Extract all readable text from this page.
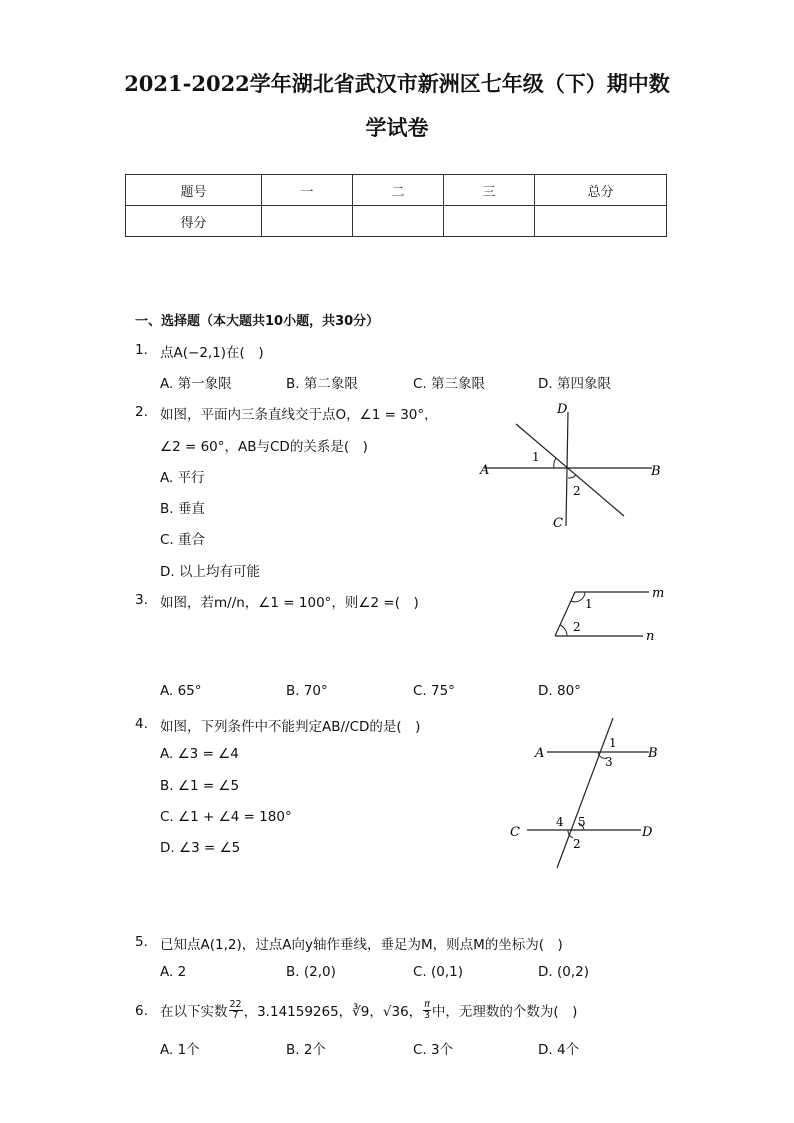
2021-2022学年湖北省武汉市新洲区七年级（下）期中数
学试卷
题号	一	二	三	总分
得分				
一、选择题（本大题共10小题，共30分）
1. 点A(−2,1)在(　)
A. 第一象限	B. 第二象限	C. 第三象限	D. 第四象限
2. 如图，平面内三条直线交于点O，∠1 = 30°，
∠2 = 60°，AB与CD的关系是(　)
A. 平行
B. 垂直
C. 重合
D. 以上均有可能
D
A	B
C
1
2
3. 如图，若m//n，∠1 = 100°，则∠2 =(　)
m
n
1
2
A. 65°	B. 70°	C. 75°	D. 80°
4. 如图，下列条件中不能判定AB//CD的是(　)
A. ∠3 = ∠4
B. ∠1 = ∠5
C. ∠1 + ∠4 = 180°
D. ∠3 = ∠5
A	B
C	D
1
3
4 5
2
5. 已知点A(1,2)，过点A向y轴作垂线，垂足为M，则点M的坐标为(　)
A. 2	B. (2,0)	C. (0,1)	D. (0,2)
6. 在以下实数 $\frac{22}{7}$ ，3.14159265，∛9，√36， $\frac{\pi}{3}$ 中，无理数的个数为(　)
A. 1个	B. 2个	C. 3个	D. 4个
